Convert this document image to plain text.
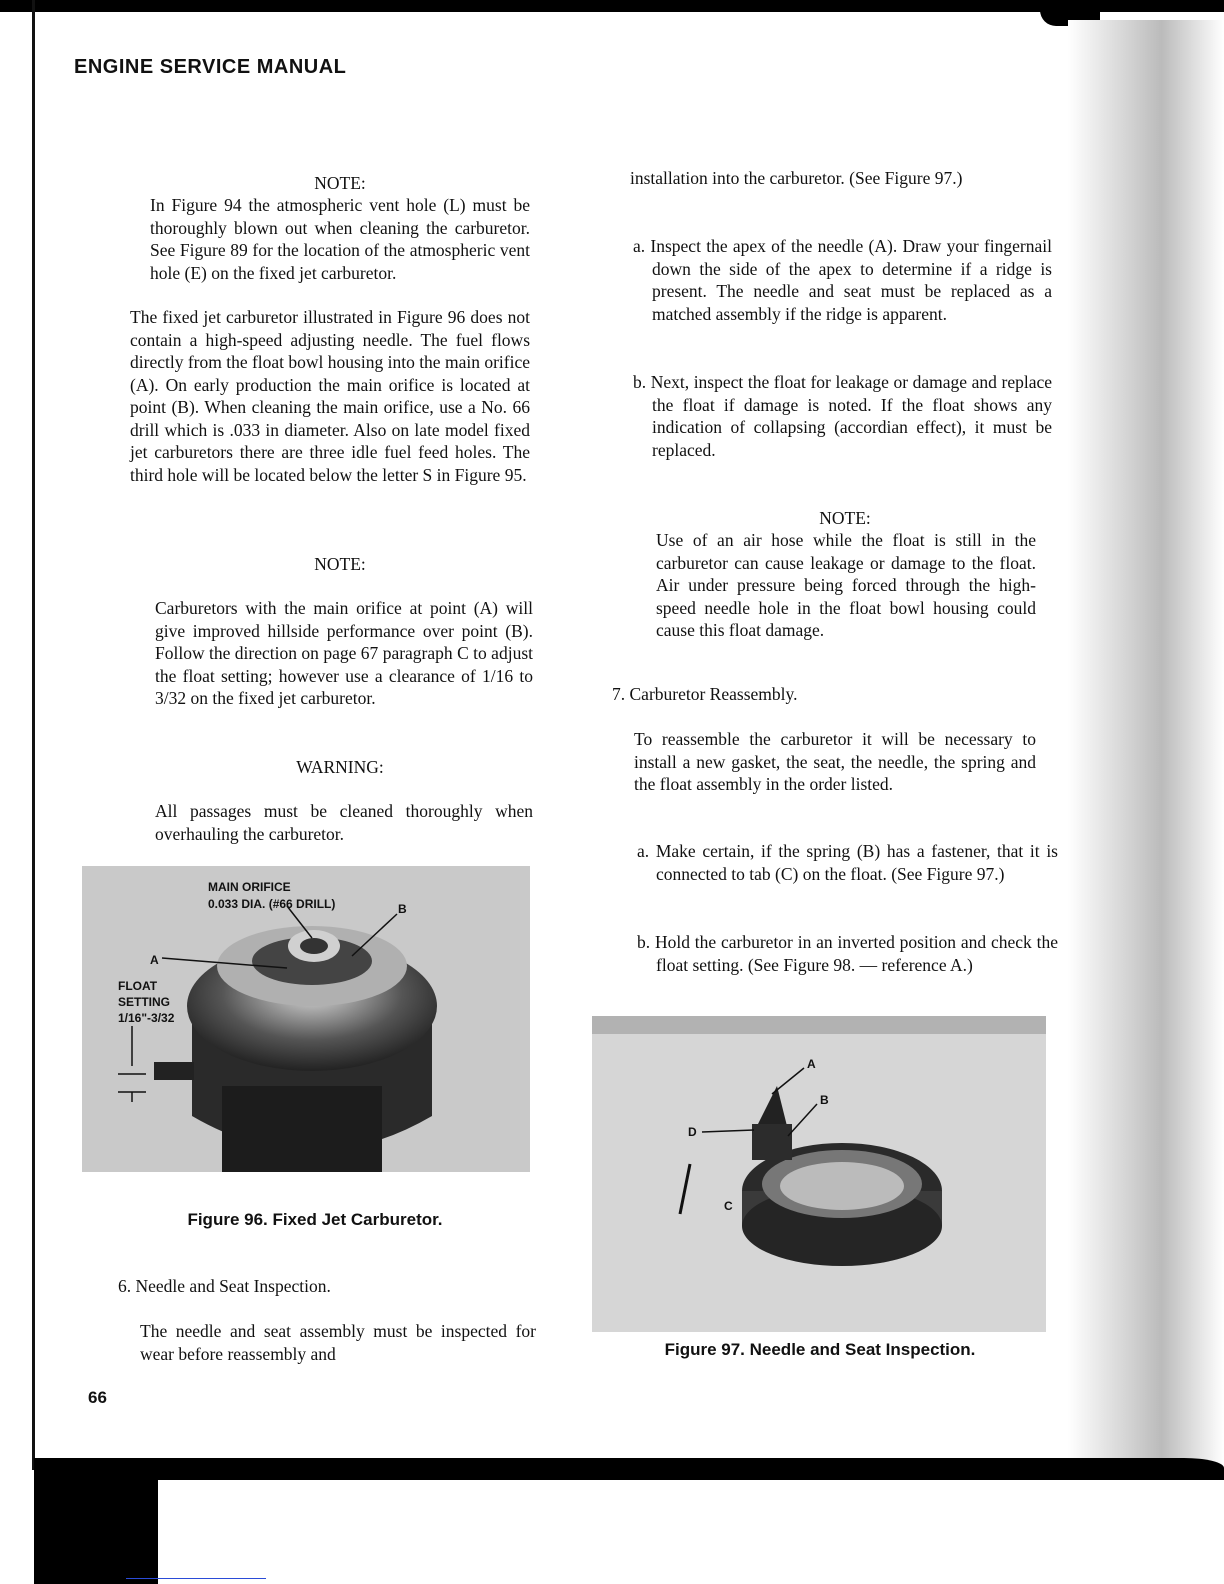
ENGINE SERVICE MANUAL
NOTE:
In Figure 94 the atmospheric vent hole (L) must be thoroughly blown out when cleaning the carburetor. See Figure 89 for the location of the atmospheric vent hole (E) on the fixed jet carburetor.
The fixed jet carburetor illustrated in Figure 96 does not contain a high-speed adjusting needle. The fuel flows directly from the float bowl housing into the main orifice (A). On early production the main orifice is located at point (B). When cleaning the main orifice, use a No. 66 drill which is .033 in diameter. Also on late model fixed jet carburetors there are three idle fuel feed holes. The third hole will be located below the letter S in Figure 95.
NOTE:
Carburetors with the main orifice at point (A) will give improved hillside performance over point (B). Follow the direction on page 67 paragraph C to adjust the float setting; however use a clearance of 1/16 to 3/32 on the fixed jet carburetor.
WARNING:
All passages must be cleaned thoroughly when overhauling the carburetor.
MAIN ORIFICE
0.033 DIA. (#66 DRILL)	B
A
FLOAT
SETTING
1/16"-3/32
Figure 96. Fixed Jet Carburetor.
6. Needle and Seat Inspection.
The needle and seat assembly must be inspected for wear before reassembly and
66
installation into the carburetor. (See Figure 97.)
a. Inspect the apex of the needle (A). Draw your fingernail down the side of the apex to determine if a ridge is present. The needle and seat must be replaced as a matched assembly if the ridge is apparent.
b. Next, inspect the float for leakage or damage and replace the float if damage is noted. If the float shows any indication of collapsing (accordian effect), it must be replaced.
NOTE:
Use of an air hose while the float is still in the carburetor can cause leakage or damage to the float. Air under pressure being forced through the high-speed needle hole in the float bowl housing could cause this float damage.
7. Carburetor Reassembly.
To reassemble the carburetor it will be necessary to install a new gasket, the seat, the needle, the spring and the float assembly in the order listed.
a. Make certain, if the spring (B) has a fastener, that it is connected to tab (C) on the float. (See Figure 97.)
b. Hold the carburetor in an inverted position and check the float setting. (See Figure 98. — reference A.)
A
B
D
C
Figure 97. Needle and Seat Inspection.
